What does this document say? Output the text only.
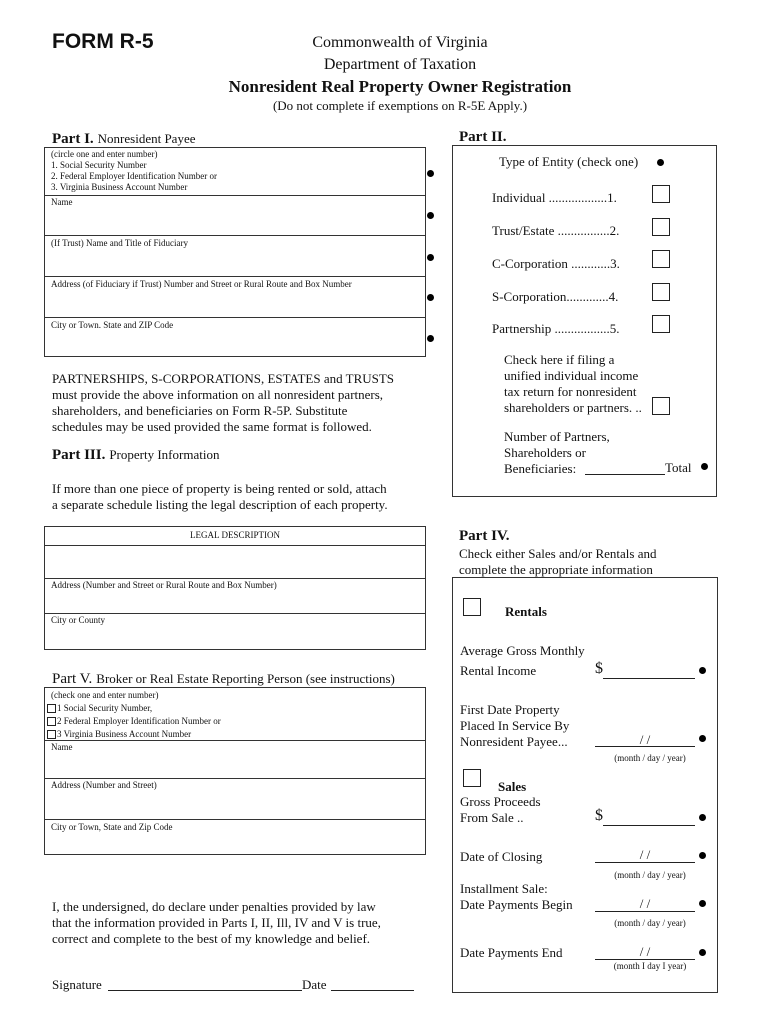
FORM R-5	Commonwealth of Virginia
Department of Taxation
Nonresident Real Property Owner Registration
(Do not complete if exemptions on R-5E Apply.)
Part I. Nonresident Payee
(circle one and enter number)
1. Social Security Number
2. Federal Employer Identification Number or
3. Virginia Business Account Number
Name
(If Trust) Name and Title of Fiduciary
Address (of Fiduciary if Trust) Number and Street or Rural Route and Box Number
City or Town. State and ZIP Code
PARTNERSHIPS, S-CORPORATIONS, ESTATES and TRUSTS
must provide the above information on all nonresident partners,
shareholders, and beneficiaries on Form R-5P. Substitute
schedules may be used provided the same format is followed.
Part III. Property Information
If more than one piece of property is being rented or sold, attach
a separate schedule listing the legal description of each property.
LEGAL DESCRIPTION
Address (Number and Street or Rural Route and Box Number)
City or County
Part V. Broker or Real Estate Reporting Person (see instructions)
(check one and enter number)
1 Social Security Number,
2 Federal Employer Identification Number or
3 Virginia Business Account Number
Name
Address (Number and Street)
City or Town, State and Zip Code
I, the undersigned, do declare under penalties provided by law
that the information provided in Parts I, II, Ill, IV and V is true,
correct and complete to the best of my knowledge and belief.
Signature	Date
Part II.
Type of Entity (check one)
Individual ..................1.
Trust/Estate ................2.
C-Corporation ............3.
S-Corporation.............4.
Partnership .................5.
Check here if filing a
unified individual income
tax return for nonresident
shareholders or partners. ..
Number of Partners,
Shareholders or
Beneficiaries:	Total
Part IV.
Check either Sales and/or Rentals and
complete the appropriate information
Rentals
Average Gross Monthly
Rental Income	$
First Date Property
Placed In Service By
Nonresident Payee...	/ /
(month / day / year)
Sales
Gross Proceeds
From Sale ..	$
Date of Closing	/ /
(month / day / year)
Installment Sale:
Date Payments Begin	/ /
(month / day / year)
Date Payments End	/ /
(month I day I year)
